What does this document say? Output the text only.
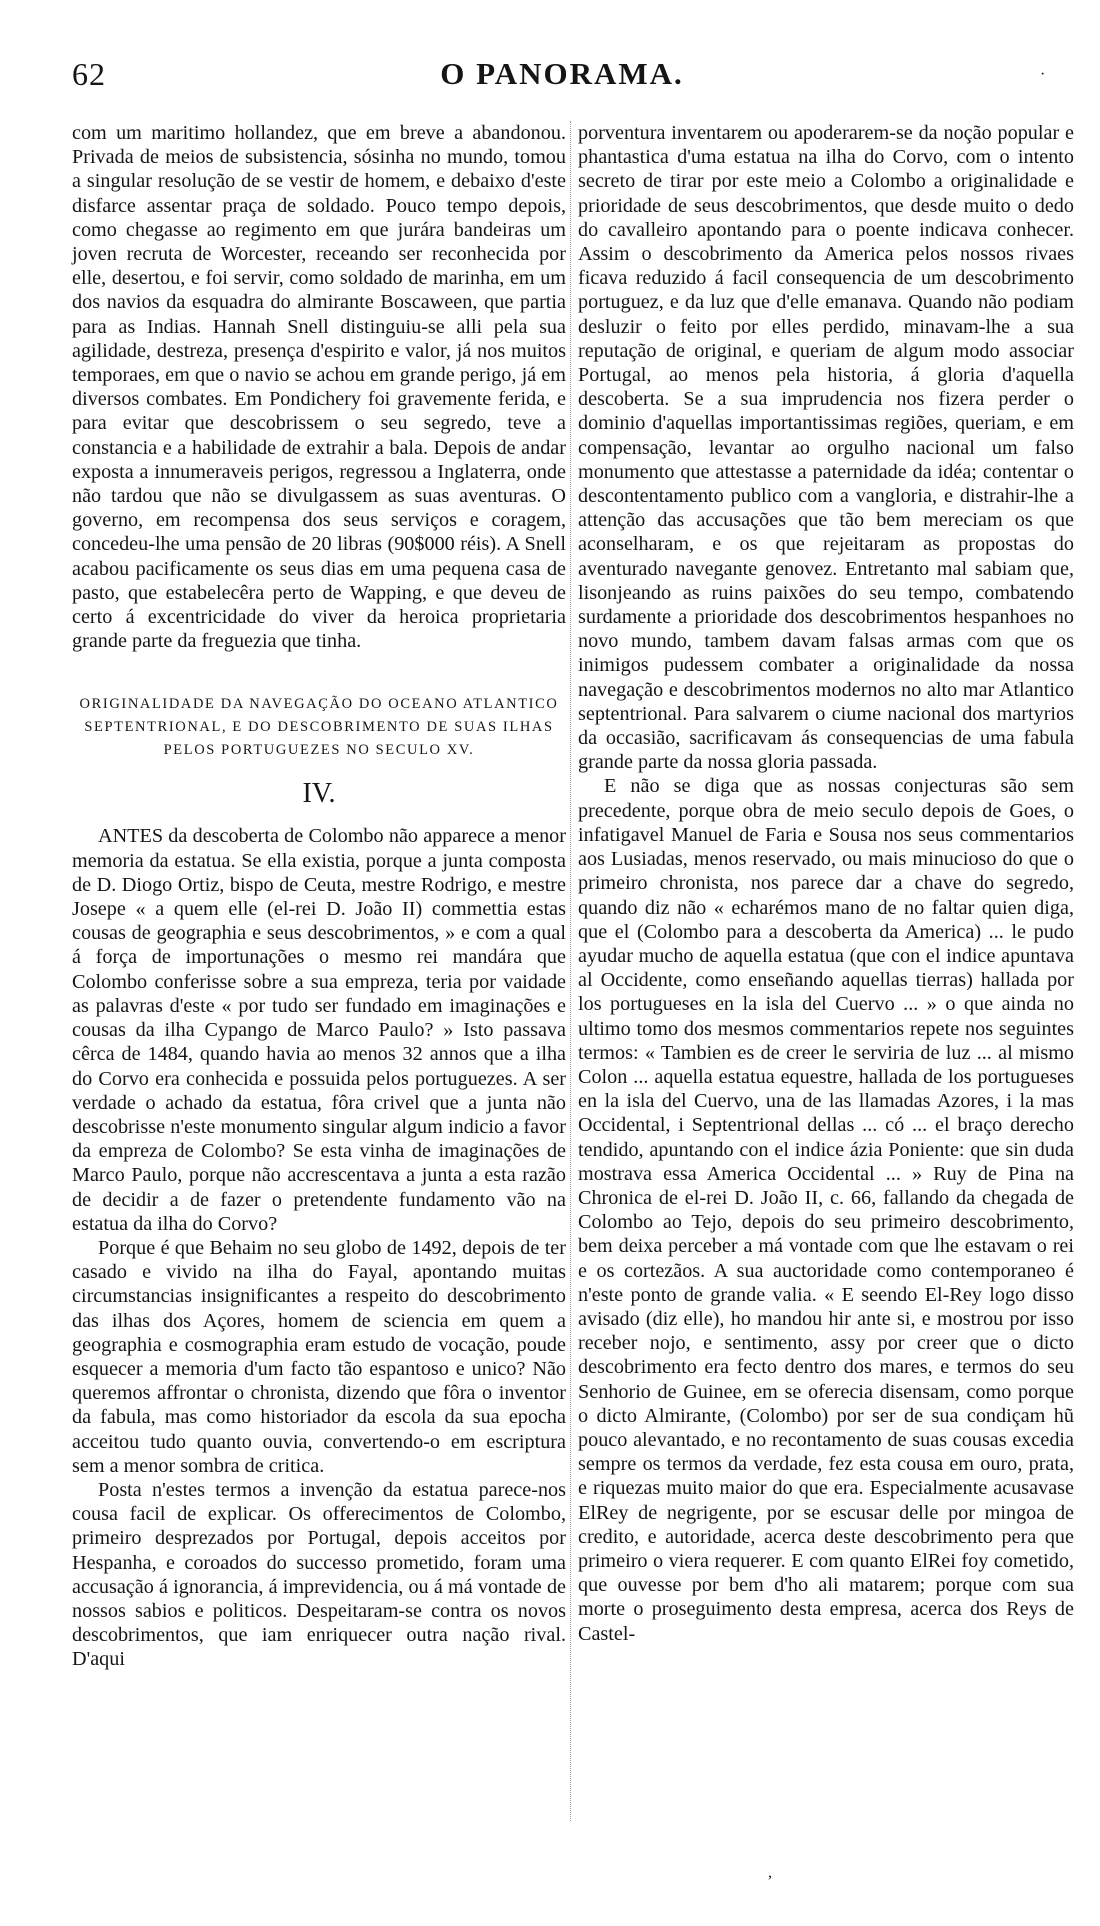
62	O PANORAMA.	·

com um maritimo hollandez, que em breve a abandonou. Privada de meios de subsistencia, sósinha no mundo, tomou a singular resolução de se vestir de homem, e debaixo d'este disfarce assentar praça de soldado. Pouco tempo depois, como chegasse ao regimento em que jurára bandeiras um joven recruta de Worcester, receando ser reconhecida por elle, desertou, e foi servir, como soldado de marinha, em um dos navios da esquadra do almirante Boscaween, que partia para as Indias. Hannah Snell distinguiu-se alli pela sua agilidade, destreza, presença d'espirito e valor, já nos muitos temporaes, em que o navio se achou em grande perigo, já em diversos combates. Em Pondichery foi gravemente ferida, e para evitar que descobrissem o seu segredo, teve a constancia e a habilidade de extrahir a bala. Depois de andar exposta a innumeraveis perigos, regressou a Inglaterra, onde não tardou que não se divulgassem as suas aventuras. O governo, em recompensa dos seus serviços e coragem, concedeu-lhe uma pensão de 20 libras (90$000 réis). A Snell acabou pacificamente os seus dias em uma pequena casa de pasto, que estabelecêra perto de Wapping, e que deveu de certo á excentricidade do viver da heroica proprietaria grande parte da freguezia que tinha.

ORIGINALIDADE DA NAVEGAÇÃO DO OCEANO ATLANTICO SEPTENTRIONAL, E DO DESCOBRIMENTO DE SUAS ILHAS PELOS PORTUGUEZES NO SECULO XV.

IV.

ANTES da descoberta de Colombo não apparece a menor memoria da estatua. Se ella existia, porque a junta composta de D. Diogo Ortiz, bispo de Ceuta, mestre Rodrigo, e mestre Josepe « a quem elle (el-rei D. João II) commettia estas cousas de geographia e seus descobrimentos, » e com a qual á força de importunações o mesmo rei mandára que Colombo conferisse sobre a sua empreza, teria por vaidade as palavras d'este « por tudo ser fundado em imaginações e cousas da ilha Cypango de Marco Paulo? » Isto passava cêrca de 1484, quando havia ao menos 32 annos que a ilha do Corvo era conhecida e possuida pelos portuguezes. A ser verdade o achado da estatua, fôra crivel que a junta não descobrisse n'este monumento singular algum indicio a favor da empreza de Colombo? Se esta vinha de imaginações de Marco Paulo, porque não accrescentava a junta a esta razão de decidir a de fazer o pretendente fundamento vão na estatua da ilha do Corvo?

Porque é que Behaim no seu globo de 1492, depois de ter casado e vivido na ilha do Fayal, apontando muitas circumstancias insignificantes a respeito do descobrimento das ilhas dos Açores, homem de sciencia em quem a geographia e cosmographia eram estudo de vocação, poude esquecer a memoria d'um facto tão espantoso e unico? Não queremos affrontar o chronista, dizendo que fôra o inventor da fabula, mas como historiador da escola da sua epocha acceitou tudo quanto ouvia, convertendo-o em escriptura sem a menor sombra de critica.

Posta n'estes termos a invenção da estatua parece-nos cousa facil de explicar. Os offerecimentos de Colombo, primeiro desprezados por Portugal, depois acceitos por Hespanha, e coroados do successo prometido, foram uma accusação á ignorancia, á imprevidencia, ou á má vontade de nossos sabios e politicos. Despeitaram-se contra os novos descobrimentos, que iam enriquecer outra nação rival. D'aqui

porventura inventarem ou apoderarem-se da noção popular e phantastica d'uma estatua na ilha do Corvo, com o intento secreto de tirar por este meio a Colombo a originalidade e prioridade de seus descobrimentos, que desde muito o dedo do cavalleiro apontando para o poente indicava conhecer. Assim o descobrimento da America pelos nossos rivaes ficava reduzido á facil consequencia de um descobrimento portuguez, e da luz que d'elle emanava. Quando não podiam desluzir o feito por elles perdido, minavam-lhe a sua reputação de original, e queriam de algum modo associar Portugal, ao menos pela historia, á gloria d'aquella descoberta. Se a sua imprudencia nos fizera perder o dominio d'aquellas importantissimas regiões, queriam, e em compensação, levantar ao orgulho nacional um falso monumento que attestasse a paternidade da idéa; contentar o descontentamento publico com a vangloria, e distrahir-lhe a attenção das accusações que tão bem mereciam os que aconselharam, e os que rejeitaram as propostas do aventurado navegante genovez. Entretanto mal sabiam que, lisonjeando as ruins paixões do seu tempo, combatendo surdamente a prioridade dos descobrimentos hespanhoes no novo mundo, tambem davam falsas armas com que os inimigos pudessem combater a originalidade da nossa navegação e descobrimentos modernos no alto mar Atlantico septentrional. Para salvarem o ciume nacional dos martyrios da occasião, sacrificavam ás consequencias de uma fabula grande parte da nossa gloria passada.

E não se diga que as nossas conjecturas são sem precedente, porque obra de meio seculo depois de Goes, o infatigavel Manuel de Faria e Sousa nos seus commentarios aos Lusiadas, menos reservado, ou mais minucioso do que o primeiro chronista, nos parece dar a chave do segredo, quando diz não « echarémos mano de no faltar quien diga, que el (Colombo para a descoberta da America) ... le pudo ayudar mucho de aquella estatua (que con el indice apuntava al Occidente, como enseñando aquellas tierras) hallada por los portugueses en la isla del Cuervo ... » o que ainda no ultimo tomo dos mesmos commentarios repete nos seguintes termos: « Tambien es de creer le serviria de luz ... al mismo Colon ... aquella estatua equestre, hallada de los portugueses en la isla del Cuervo, una de las llamadas Azores, i la mas Occidental, i Septentrional dellas ... có ... el braço derecho tendido, apuntando con el indice ázia Poniente: que sin duda mostrava essa America Occidental ... » Ruy de Pina na Chronica de el-rei D. João II, c. 66, fallando da chegada de Colombo ao Tejo, depois do seu primeiro descobrimento, bem deixa perceber a má vontade com que lhe estavam o rei e os cortezãos. A sua auctoridade como contemporaneo é n'este ponto de grande valia. « E seendo El-Rey logo disso avisado (diz elle), ho mandou hir ante si, e mostrou por isso receber nojo, e sentimento, assy por creer que o dicto descobrimento era fecto dentro dos mares, e termos do seu Senhorio de Guinee, em se oferecia disensam, como porque o dicto Almirante, (Colombo) por ser de sua condiçam hũ pouco alevantado, e no recontamento de suas cousas excedia sempre os termos da verdade, fez esta cousa em ouro, prata, e riquezas muito maior do que era. Especialmente acusavase ElRey de negrigente, por se escusar delle por mingoa de credito, e autoridade, acerca deste descobrimento pera que primeiro o viera requerer. E com quanto ElRei foy cometido, que ouvesse por bem d'ho ali matarem; porque com sua morte o proseguimento desta empresa, acerca dos Reys de Castel-

,
